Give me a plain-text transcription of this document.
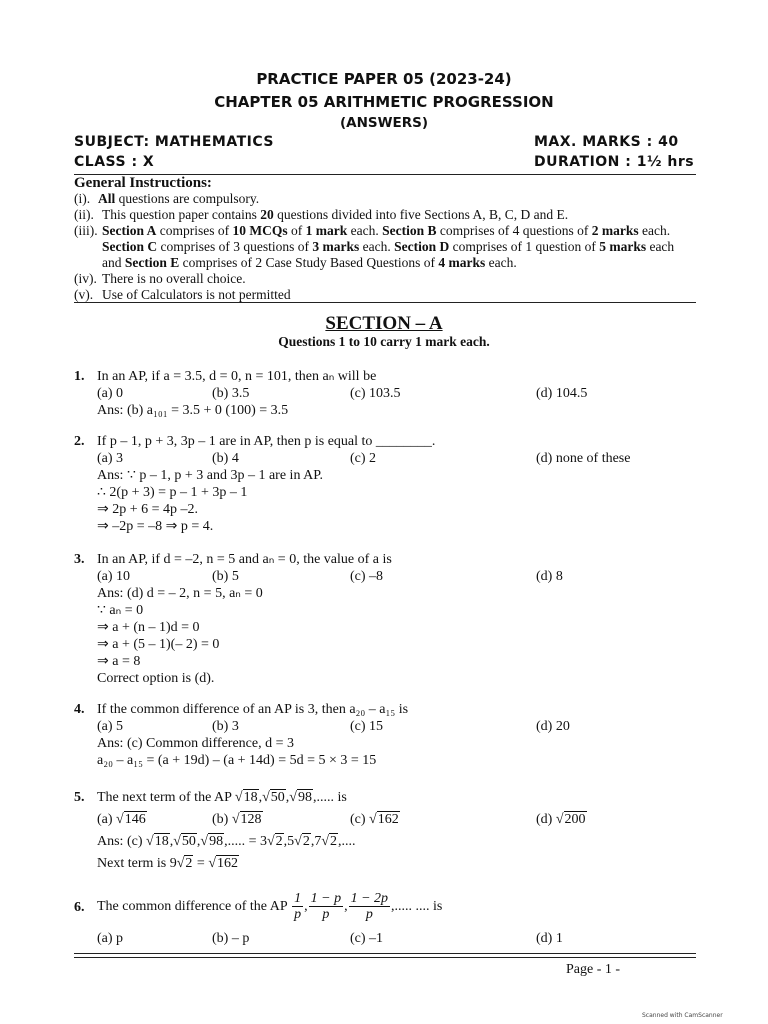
PRACTICE PAPER 05 (2023-24)
CHAPTER 05 ARITHMETIC PROGRESSION
(ANSWERS)
SUBJECT: MATHEMATICS	MAX. MARKS : 40
CLASS : X	DURATION : 1½ hrs
General Instructions:
(i). All questions are compulsory.
(ii). This question paper contains 20 questions divided into five Sections A, B, C, D and E.
(iii). Section A comprises of 10 MCQs of 1 mark each. Section B comprises of 4 questions of 2 marks each. Section C comprises of 3 questions of 3 marks each. Section D comprises of 1 question of 5 marks each and Section E comprises of 2 Case Study Based Questions of 4 marks each.
(iv). There is no overall choice.
(v). Use of Calculators is not permitted
SECTION – A
Questions 1 to 10 carry 1 mark each.
1. In an AP, if a = 3.5, d = 0, n = 101, then aₙ will be
(a) 0	(b) 3.5	(c) 103.5	(d) 104.5
Ans: (b) a₁₀₁ = 3.5 + 0 (100) = 3.5
2. If p – 1, p + 3, 3p – 1 are in AP, then p is equal to ________.
(a) 3	(b) 4	(c) 2	(d) none of these
Ans: ∵ p – 1, p + 3 and 3p – 1 are in AP.
∴ 2(p + 3) = p – 1 + 3p – 1
⇒ 2p + 6 = 4p –2.
⇒ –2p = –8 ⇒ p = 4.
3. In an AP, if d = –2, n = 5 and aₙ = 0, the value of a is
(a) 10	(b) 5	(c) –8	(d) 8
Ans: (d) d = – 2, n = 5, aₙ = 0
∵ aₙ = 0
⇒ a + (n – 1)d = 0
⇒ a + (5 – 1)(– 2) = 0
⇒ a = 8
Correct option is (d).
4. If the common difference of an AP is 3, then a₂₀ – a₁₅ is
(a) 5	(b) 3	(c) 15	(d) 20
Ans: (c) Common difference, d = 3
a₂₀ – a₁₅ = (a + 19d) – (a + 14d) = 5d = 5 × 3 = 15
5. The next term of the AP √18,√50,√98,..... is
(a) √146	(b) √128	(c) √162	(d) √200
Ans: (c) √18,√50,√98,..... = 3√2,5√2,7√2,....
Next term is 9√2 = √162
6. The common difference of the AP
$\frac{1}{p}$ , $\frac{1 - p}{p}$ , $\frac{1 - 2p}{p}$ ,..... .... is
(a) p	(b) – p	(c) –1	(d) 1
Page - 1 -
Scanned with CamScanner
